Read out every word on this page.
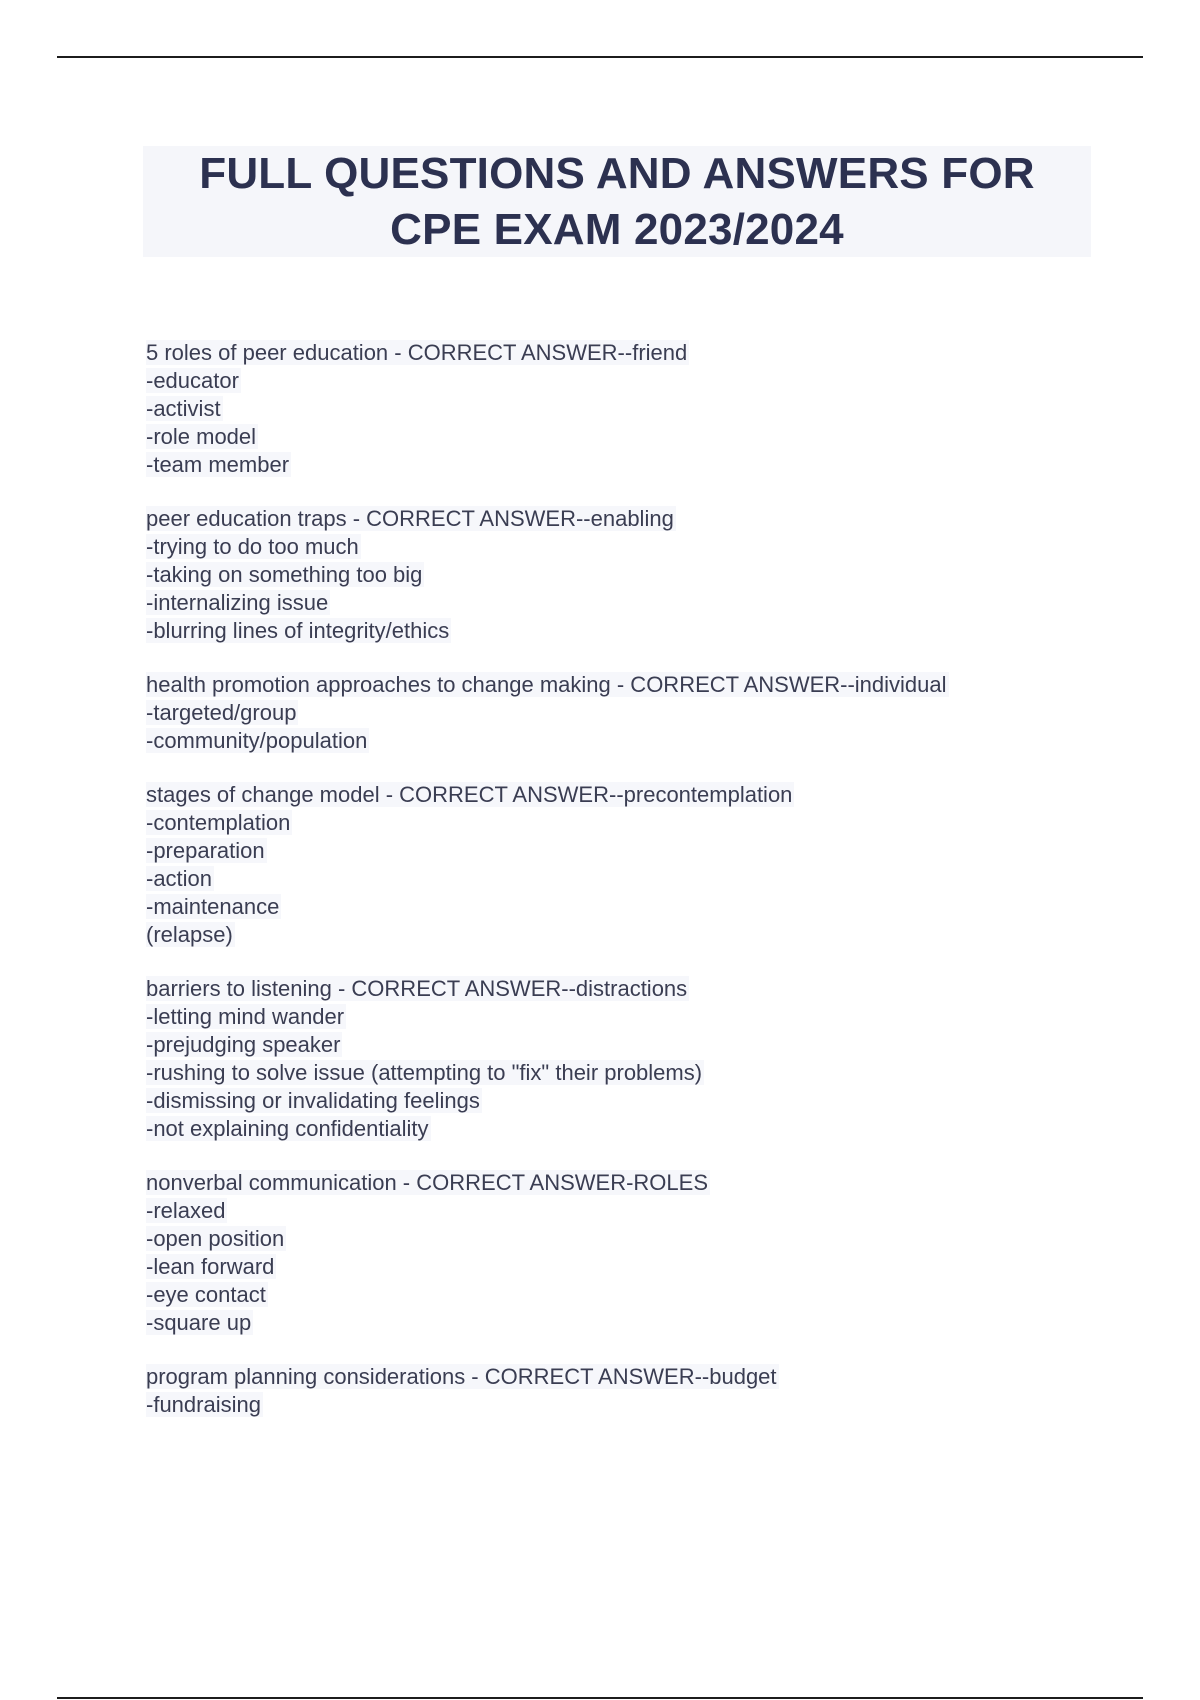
FULL QUESTIONS AND ANSWERS FOR
CPE EXAM 2023/2024
5 roles of peer education - CORRECT ANSWER--friend
-educator
-activist
-role model
-team member
peer education traps - CORRECT ANSWER--enabling
-trying to do too much
-taking on something too big
-internalizing issue
-blurring lines of integrity/ethics
health promotion approaches to change making - CORRECT ANSWER--individual
-targeted/group
-community/population
stages of change model - CORRECT ANSWER--precontemplation
-contemplation
-preparation
-action
-maintenance
(relapse)
barriers to listening - CORRECT ANSWER--distractions
-letting mind wander
-prejudging speaker
-rushing to solve issue (attempting to "fix" their problems)
-dismissing or invalidating feelings
-not explaining confidentiality
nonverbal communication - CORRECT ANSWER-ROLES
-relaxed
-open position
-lean forward
-eye contact
-square up
program planning considerations - CORRECT ANSWER--budget
-fundraising
